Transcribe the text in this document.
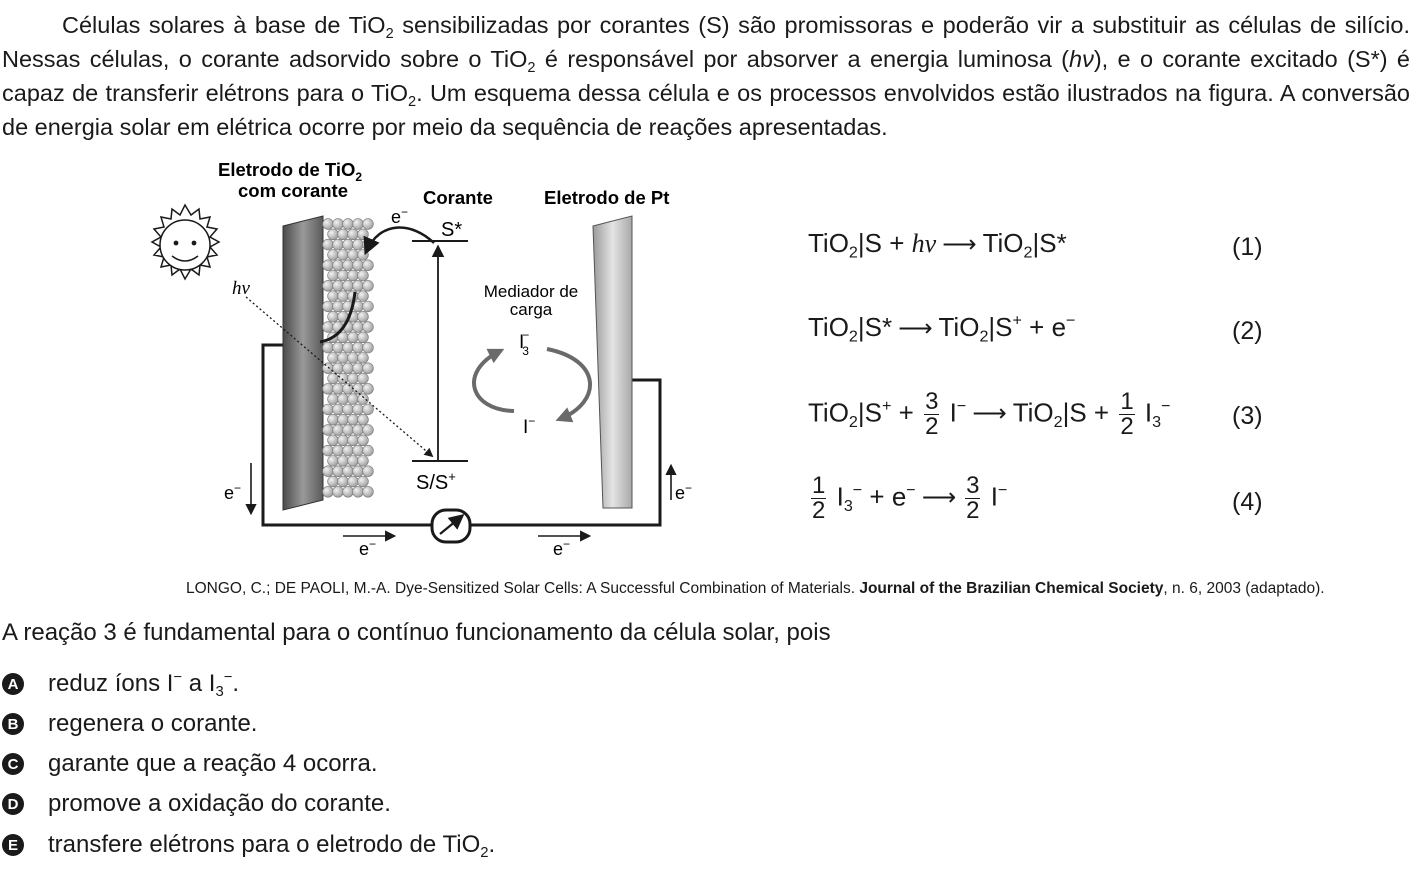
Células solares à base de TiO$_2$ sensibilizadas por corantes (S) são promissoras e poderão vir a substituir as células de silício. Nessas células, o corante adsorvido sobre o TiO$_2$ é responsável por absorver a energia luminosa (hν), e o corante excitado (S*) é capaz de transferir elétrons para o TiO$_2$. Um esquema dessa célula e os processos envolvidos estão ilustrados na figura. A conversão de energia solar em elétrica ocorre por meio da sequência de reações apresentadas.

Eletrodo de TiO$_2$
com corante	Corante	Eletrodo de Pt
hν
S*
S/S+
e−
Mediador de
carga
I− 3
I−
e−	e−
e−	e−
TiO$_2$|S + hν ⟶ TiO$_2$|S*	(1)
TiO$_2$|S* ⟶ TiO$_2$|S+ + e−	(2)
$TiO_2|S^+ + \frac{3}{2} I^-$ ⟶ $TiO_2|S + \frac{1}{2} I_3^-$ (3)
$\frac{1}{2} I_3^- + e^-$ ⟶ $\frac{3}{2} I^-$	(4)
LONGO, C.; DE PAOLI, M.-A. Dye-Sensitized Solar Cells: A Successful Combination of Materials. Journal of the Brazilian Chemical Society, n. 6, 2003 (adaptado).

A reação 3 é fundamental para o contínuo funcionamento da célula solar, pois

A reduz íons I− a $I_3^-$.
B regenera o corante.
C garante que a reação 4 ocorra.
D promove a oxidação do corante.
E transfere elétrons para o eletrodo de TiO$_2$.
